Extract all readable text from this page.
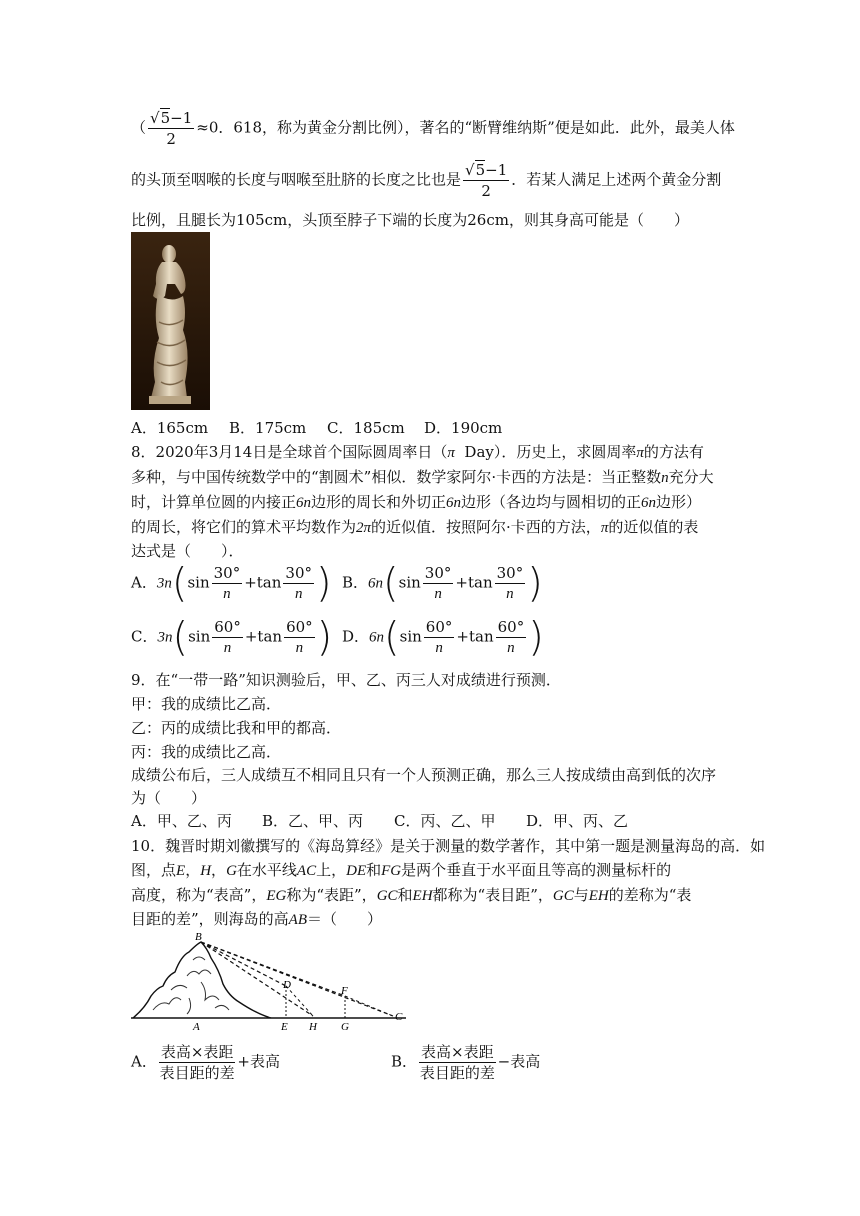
（ $\frac{√5-1}{2} \approx 0$．618，称为黄金分割比例），著名的“断臂维纳斯”便是如此．此外，最美人体
的头顶至咽喉的长度与咽喉至肚脐的长度之比也是 $\frac{√5-1}{2}$ ．若某人满足上述两个黄金分割
比例，且腿长为105cm，头顶至脖子下端的长度为26cm，则其身高可能是（　　）
A．165cm B．175cm C．185cm D．190cm
8．2020年3月14日是全球首个国际圆周率日（π Day）．历史上，求圆周率π的方法有
多种，与中国传统数学中的“割圆术”相似．数学家阿尔·卡西的方法是：当正整数n充分大
时，计算单位圆的内接正6n边形的周长和外切正6n边形（各边均与圆相切的正6n边形）
的周长，将它们的算术平均数作为2π的近似值．按照阿尔·卡西的方法，π的近似值的表
达式是（　　）．
A．$3n(\sin \frac{30^\circ}{n} +\tan \frac{30^\circ}{n}$ ) B．$6n(\sin \frac{30^\circ}{n} +\tan \frac{30^\circ}{n}$ )
C．$3n(\sin \frac{60^\circ}{n} +\tan \frac{60^\circ}{n}$ ) D．$6n(\sin \frac{60^\circ}{n} +\tan \frac{60^\circ}{n}$ )
9．在“一带一路”知识测验后，甲、乙、丙三人对成绩进行预测．
甲：我的成绩比乙高．
乙：丙的成绩比我和甲的都高．
丙：我的成绩比乙高．
成绩公布后，三人成绩互不相同且只有一个人预测正确，那么三人按成绩由高到低的次序
为（　　）
A．甲、乙、丙 B．乙、甲、丙 C．丙、乙、甲 D．甲、丙、乙
10．魏晋时期刘徽撰写的《海岛算经》是关于测量的数学著作，其中第一题是测量海岛的高．如
图，点E，H，G在水平线AC上，DE和FG是两个垂直于水平面且等高的测量标杆的
高度，称为“表高”，EG称为“表距”，GC和EH都称为“表目距”，GC与EH的差称为“表
目距的差”，则海岛的高AB＝（　　）
B
D	F
A	E H G
C
A． $\frac{\text{表高×表距}}{\text{表目距的差}}$ +表高	B． $\frac{\text{表高×表距}}{\text{表目距的差}}$ −表高
